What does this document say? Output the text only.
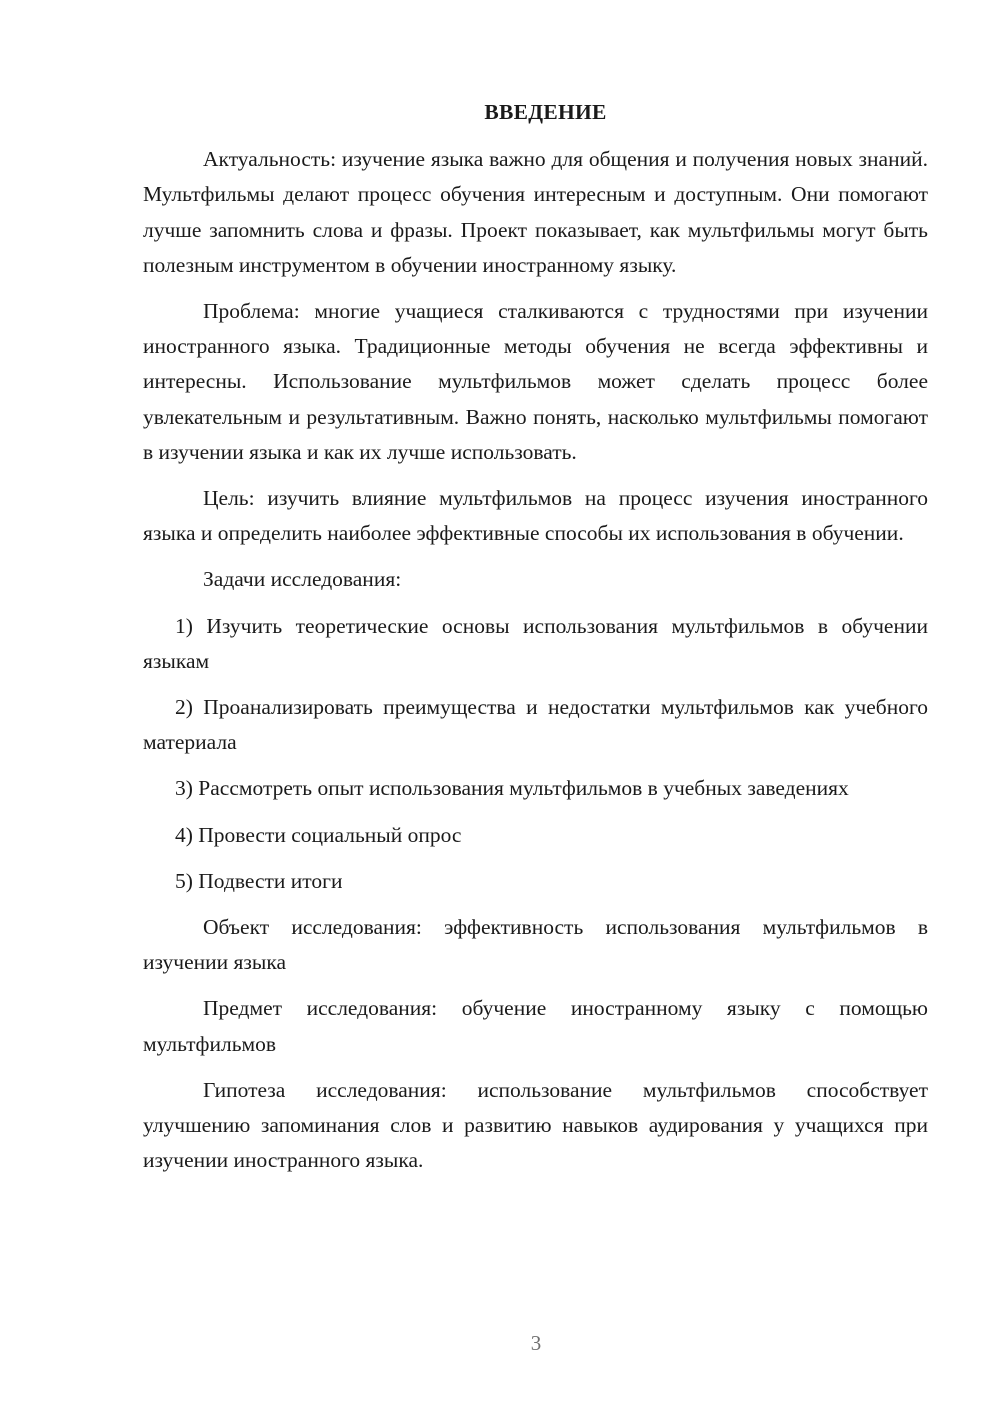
ВВЕДЕНИЕ

Актуальность: изучение языка важно для общения и получения новых знаний. Мультфильмы делают процесс обучения интересным и доступным. Они помогают лучше запомнить слова и фразы. Проект показывает, как мультфильмы могут быть полезным инструментом в обучении иностранному языку.

Проблема: многие учащиеся сталкиваются с трудностями при изучении иностранного языка. Традиционные методы обучения не всегда эффективны и интересны. Использование мультфильмов может сделать процесс более увлекательным и результативным. Важно понять, насколько мультфильмы помогают в изучении языка и как их лучше использовать.

Цель: изучить влияние мультфильмов на процесс изучения иностранного языка и определить наиболее эффективные способы их использования в обучении.

Задачи исследования:

1) Изучить теоретические основы использования мультфильмов в обучении языкам

2) Проанализировать преимущества и недостатки мультфильмов как учебного материала

3) Рассмотреть опыт использования мультфильмов в учебных заведениях

4) Провести социальный опрос

5) Подвести итоги

Объект исследования: эффективность использования мультфильмов в изучении языка

Предмет исследования: обучение иностранному языку с помощью мультфильмов

Гипотеза исследования: использование мультфильмов способствует улучшению запоминания слов и развитию навыков аудирования у учащихся при изучении иностранного языка.

3
